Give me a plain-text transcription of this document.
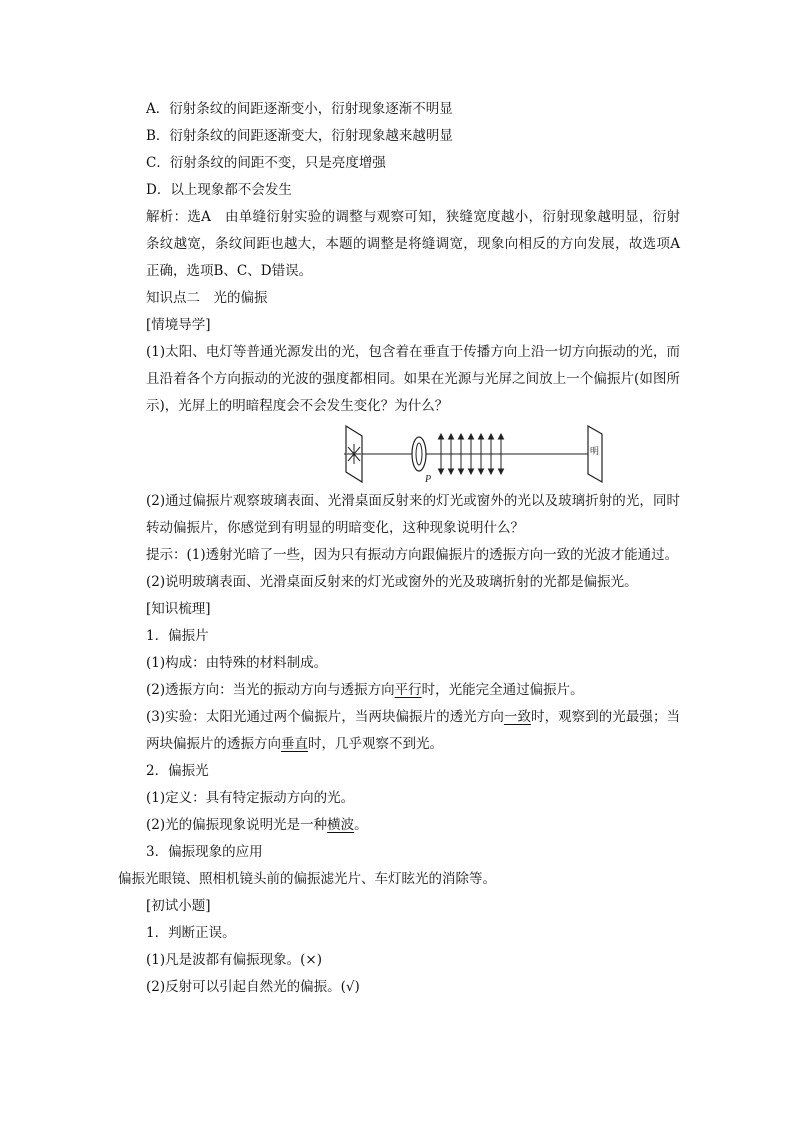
A．衍射条纹的间距逐渐变小，衍射现象逐渐不明显

B．衍射条纹的间距逐渐变大，衍射现象越来越明显

C．衍射条纹的间距不变，只是亮度增强

D．以上现象都不会发生

解析：选A　由单缝衍射实验的调整与观察可知，狭缝宽度越小，衍射现象越明显，衍射条纹越宽，条纹间距也越大，本题的调整是将缝调宽，现象向相反的方向发展，故选项A正确，选项B、C、D错误。

知识点二　光的偏振

[情境导学]

(1)太阳、电灯等普通光源发出的光，包含着在垂直于传播方向上沿一切方向振动的光，而且沿着各个方向振动的光波的强度都相同。如果在光源与光屏之间放上一个偏振片(如图所示)，光屏上的明暗程度会不会发生变化？为什么？

P
明

(2)通过偏振片观察玻璃表面、光滑桌面反射来的灯光或窗外的光以及玻璃折射的光，同时转动偏振片，你感觉到有明显的明暗变化，这种现象说明什么？

提示：(1)透射光暗了一些，因为只有振动方向跟偏振片的透振方向一致的光波才能通过。

(2)说明玻璃表面、光滑桌面反射来的灯光或窗外的光及玻璃折射的光都是偏振光。

[知识梳理]

1．偏振片

(1)构成：由特殊的材料制成。

(2)透振方向：当光的振动方向与透振方向平行时，光能完全通过偏振片。

(3)实验：太阳光通过两个偏振片，当两块偏振片的透光方向一致时，观察到的光最强；当两块偏振片的透振方向垂直时，几乎观察不到光。

2．偏振光

(1)定义：具有特定振动方向的光。

(2)光的偏振现象说明光是一种横波。

3．偏振现象的应用

偏振光眼镜、照相机镜头前的偏振滤光片、车灯眩光的消除等。

[初试小题]

1．判断正误。

(1)凡是波都有偏振现象。(×)

(2)反射可以引起自然光的偏振。(√)
